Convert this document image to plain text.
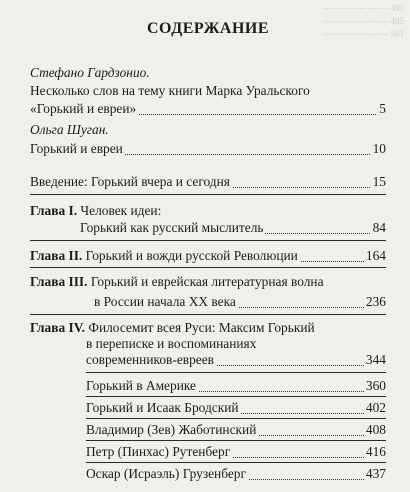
— — — — — — 490
— — — — — — 495
— — — — — — 501
СОДЕРЖАНИЕ
Стефано Гардзонио.
Несколько слов на тему книги Марка Уральского
«Горький и евреи»	5
Ольга Шуган.
Горький и евреи	10
Введение: Горький вчера и сегодня	15
Глава I. Человек идеи:
Горький как русский мыслитель	84
Глава II. Горький и вожди русской Революции	164
Глава III. Горький и еврейская литературная волна
в России начала XX века	236
Глава IV. Филосемит всея Руси: Максим Горький
в переписке и воспоминаниях
современников-евреев	344
Горький в Америке	360
Горький и Исаак Бродский	402
Владимир (Зев) Жаботинский	408
Петр (Пинхас) Рутенберг	416
Оскар (Исраэль) Грузенберг	437
